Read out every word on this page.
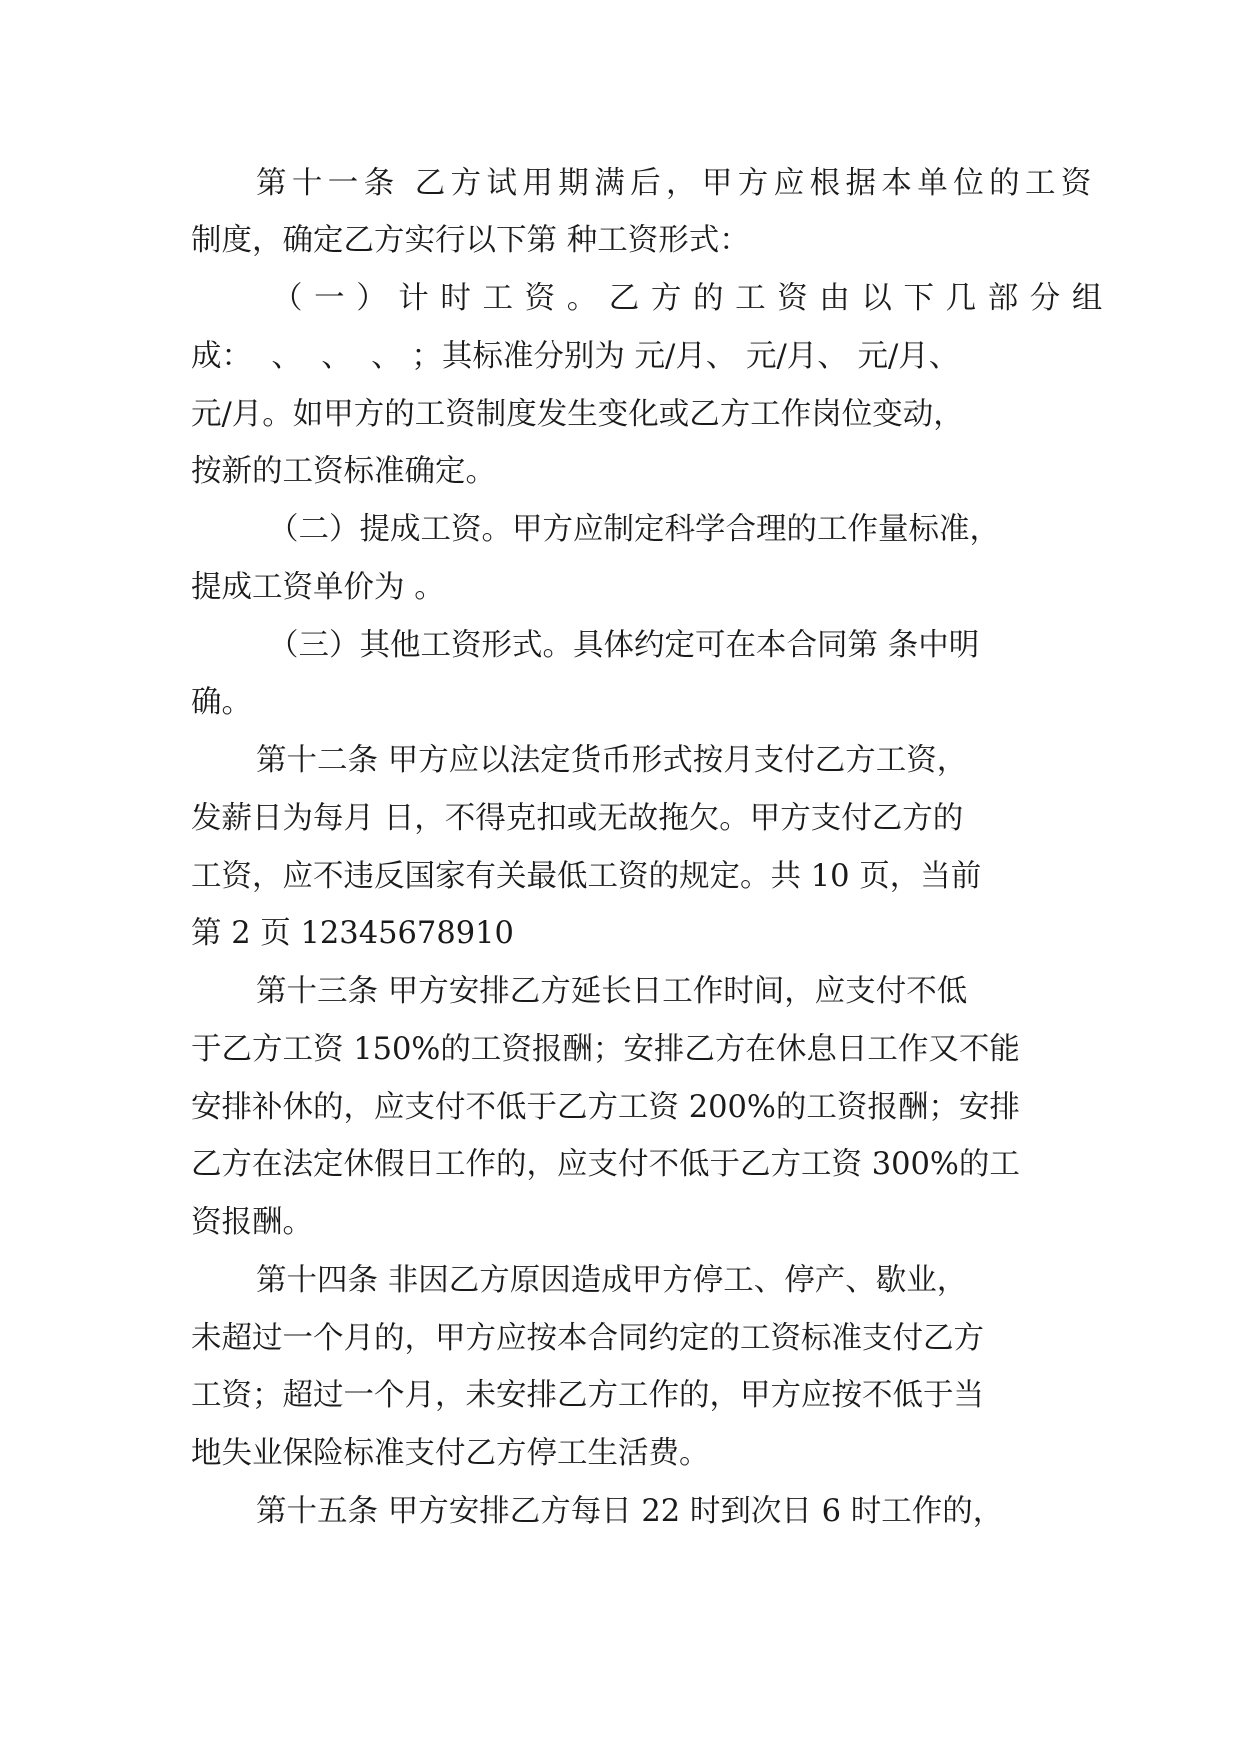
第十一条 乙方试用期满后，甲方应根据本单位的工资
制度，确定乙方实行以下第 种工资形式：
（一）计时工资。乙方的工资由以下几部分组
成：  、  、  、 ；其标准分别为 元/月、 元/月、 元/月、
元/月。如甲方的工资制度发生变化或乙方工作岗位变动，
按新的工资标准确定。
（二）提成工资。甲方应制定科学合理的工作量标准，
提成工资单价为 。
（三）其他工资形式。具体约定可在本合同第 条中明
确。
第十二条 甲方应以法定货币形式按月支付乙方工资，
发薪日为每月 日，不得克扣或无故拖欠。甲方支付乙方的
工资，应不违反国家有关最低工资的规定。共 10 页，当前
第 2 页 12345678910
第十三条 甲方安排乙方延长日工作时间，应支付不低
于乙方工资 150%的工资报酬；安排乙方在休息日工作又不能
安排补休的，应支付不低于乙方工资 200%的工资报酬；安排
乙方在法定休假日工作的，应支付不低于乙方工资 300%的工
资报酬。
第十四条 非因乙方原因造成甲方停工、停产、歇业，
未超过一个月的，甲方应按本合同约定的工资标准支付乙方
工资；超过一个月，未安排乙方工作的，甲方应按不低于当
地失业保险标准支付乙方停工生活费。
第十五条 甲方安排乙方每日 22 时到次日 6 时工作的，
